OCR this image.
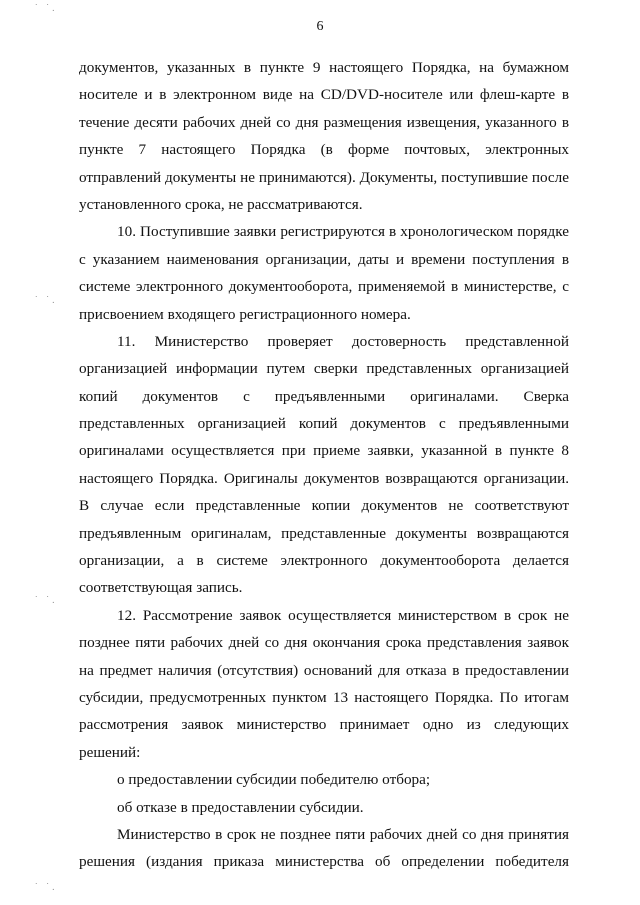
6
˙ ˙.
˙ ˙.
˙ ˙.
˙ ˙.
документов, указанных в пункте 9 настоящего Порядка, на бумажном
носителе и в электронном виде на CD/DVD-носителе или флеш-карте в
течение десяти рабочих дней со дня размещения извещения, указанного в
пункте 7 настоящего Порядка (в форме почтовых, электронных
отправлений документы не принимаются). Документы, поступившие после
установленного срока, не рассматриваются.
10. Поступившие заявки регистрируются в хронологическом порядке
с указанием наименования организации, даты и времени поступления в
системе электронного документооборота, применяемой в министерстве, с
присвоением входящего регистрационного номера.
11. Министерство проверяет достоверность представленной
организацией информации путем сверки представленных организацией
копий документов с предъявленными оригиналами. Сверка
представленных организацией копий документов с предъявленными
оригиналами осуществляется при приеме заявки, указанной в пункте 8
настоящего Порядка. Оригиналы документов возвращаются организации.
В случае если представленные копии документов не соответствуют
предъявленным оригиналам, представленные документы возвращаются
организации, а в системе электронного документооборота делается
соответствующая запись.
12. Рассмотрение заявок осуществляется министерством в срок не
позднее пяти рабочих дней со дня окончания срока представления заявок
на предмет наличия (отсутствия) оснований для отказа в предоставлении
субсидии, предусмотренных пунктом 13 настоящего Порядка. По итогам
рассмотрения заявок министерство принимает одно из следующих
решений:
о предоставлении субсидии победителю отбора;
об отказе в предоставлении субсидии.
Министерство в срок не позднее пяти рабочих дней со дня принятия
решения (издания приказа министерства об определении победителя
